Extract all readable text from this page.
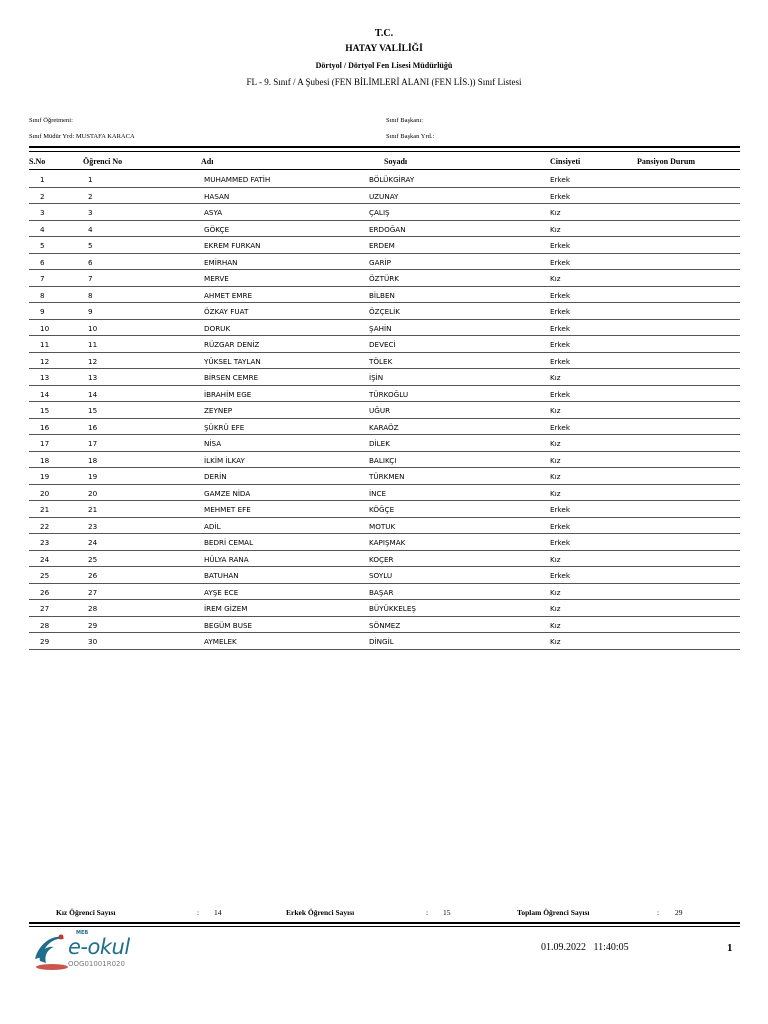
T.C.
HATAY VALİLİĞİ
Dörtyol / Dörtyol Fen Lisesi Müdürlüğü
FL - 9. Sınıf / A Şubesi (FEN BİLİMLERİ ALANI (FEN LİS.)) Sınıf Listesi
Sınıf Öğretmeni:	Sınıf Başkanı:
Sınıf Müdür Yrd: MUSTAFA KARACA	Sınıf Başkan Yrd.:
S.No	Öğrenci No	Adı	Soyadı	Cinsiyeti	Pansiyon Durum
1	1	MUHAMMED FATİH	BÖLÜKGİRAY	Erkek
2	2	HASAN	UZUNAY	Erkek
3	3	ASYA	ÇALIŞ	Kız
4	4	GÖKÇE	ERDOĞAN	Kız
5	5	EKREM FURKAN	ERDEM	Erkek
6	6	EMİRHAN	GARİP	Erkek
7	7	MERVE	ÖZTÜRK	Kız
8	8	AHMET EMRE	BİLBEN	Erkek
9	9	ÖZKAY FUAT	ÖZÇELİK	Erkek
10	10	DORUK	ŞAHİN	Erkek
11	11	RÜZGAR DENİZ	DEVECİ	Erkek
12	12	YÜKSEL TAYLAN	TÖLEK	Erkek
13	13	BİRSEN CEMRE	İŞİN	Kız
14	14	İBRAHİM EGE	TÜRKOĞLU	Erkek
15	15	ZEYNEP	UĞUR	Kız
16	16	ŞÜKRÜ EFE	KARAÖZ	Erkek
17	17	NİSA	DİLEK	Kız
18	18	İLKİM İLKAY	BALIKÇI	Kız
19	19	DERİN	TÜRKMEN	Kız
20	20	GAMZE NİDA	İNCE	Kız
21	21	MEHMET EFE	KÖĞÇE	Erkek
22	23	ADİL	MOTUK	Erkek
23	24	BEDRİ CEMAL	KAPIŞMAK	Erkek
24	25	HÜLYA RANA	KOÇER	Kız
25	26	BATUHAN	SOYLU	Erkek
26	27	AYŞE ECE	BAŞAR	Kız
27	28	İREM GİZEM	BÜYÜKKELEŞ	Kız
28	29	BEGÜM BUSE	SÖNMEZ	Kız
29	30	AYMELEK	DİNGİL	Kız
Kız Öğrenci Sayısı	: 14	Erkek Öğrenci Sayısı	: 15	Toplam Öğrenci Sayısı	: 29
MEB
e-okul
OOG01001R020
01.09.2022 11:40:05	1
